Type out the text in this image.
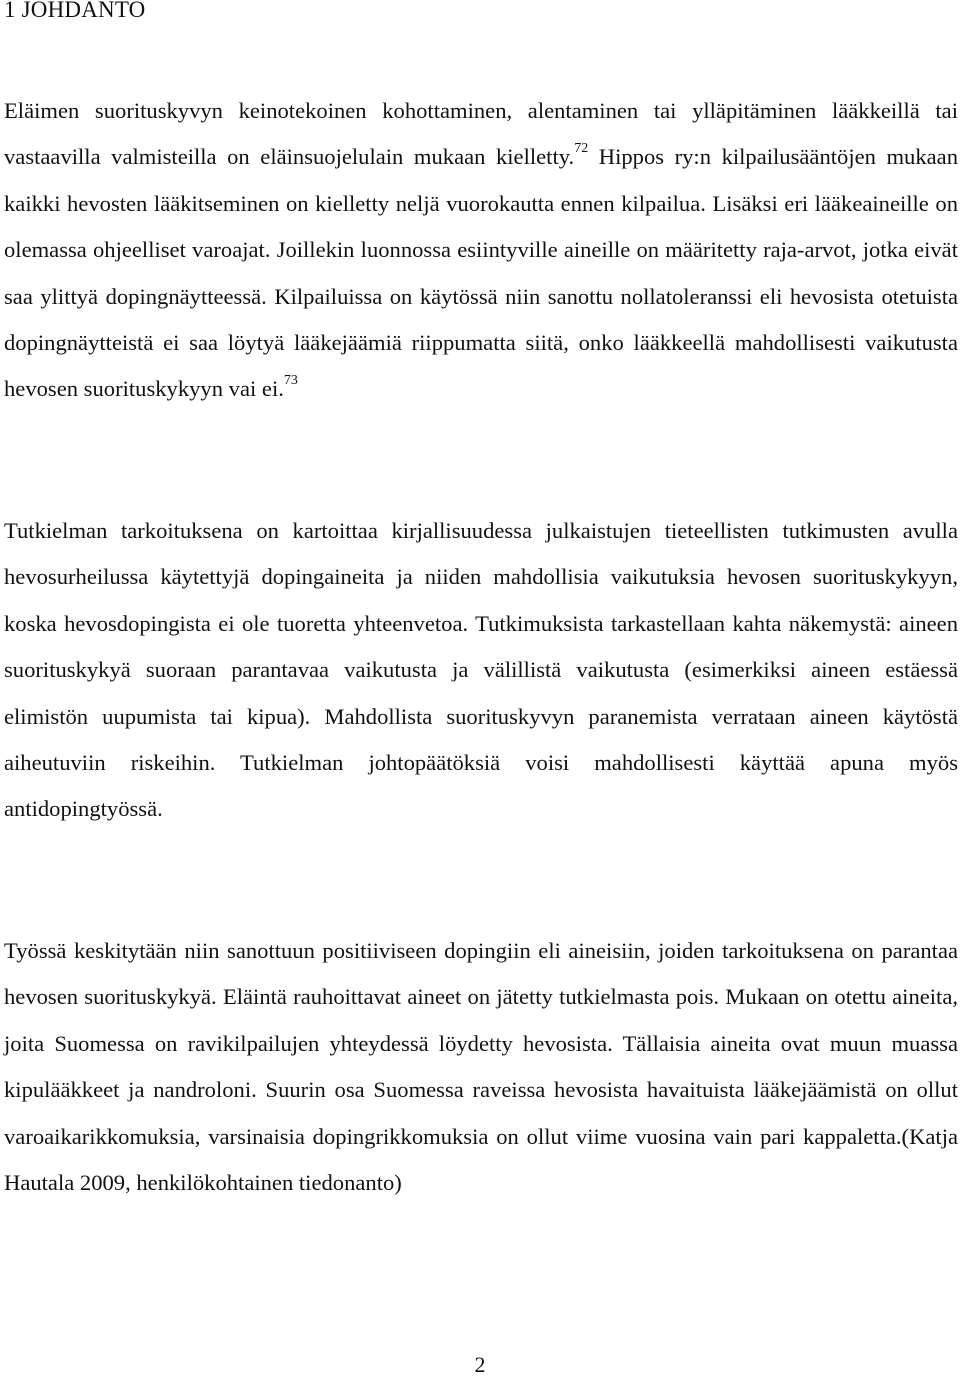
1 JOHDANTO

Eläimen suorituskyvyn keinotekoinen kohottaminen, alentaminen tai ylläpitäminen lääkkeillä tai vastaavilla valmisteilla on eläinsuojelulain mukaan kielletty.$^{72}$ Hippos ry:n kilpailusääntöjen mukaan kaikki hevosten lääkitseminen on kielletty neljä vuorokautta ennen kilpailua. Lisäksi eri lääkeaineille on olemassa ohjeelliset varoajat. Joillekin luonnossa esiintyville aineille on määritetty raja-arvot, jotka eivät saa ylittyä dopingnäytteessä. Kilpailuissa on käytössä niin sanottu nollatoleranssi eli hevosista otetuista dopingnäytteistä ei saa löytyä lääkejäämiä riippumatta siitä, onko lääkkeellä mahdollisesti vaikutusta hevosen suorituskykyyn vai ei.$^{73}$

Tutkielman tarkoituksena on kartoittaa kirjallisuudessa julkaistujen tieteellisten tutkimusten avulla hevosurheilussa käytettyjä dopingaineita ja niiden mahdollisia vaikutuksia hevosen suorituskykyyn, koska hevosdopingista ei ole tuoretta yhteenvetoa. Tutkimuksista tarkastellaan kahta näkemystä: aineen suorituskykyä suoraan parantavaa vaikutusta ja välillistä vaikutusta (esimerkiksi aineen estäessä elimistön uupumista tai kipua). Mahdollista suorituskyvyn paranemista verrataan aineen käytöstä aiheutuviin riskeihin. Tutkielman johtopäätöksiä voisi mahdollisesti käyttää apuna myös antidopingtyössä.

Työssä keskitytään niin sanottuun positiiviseen dopingiin eli aineisiin, joiden tarkoituksena on parantaa hevosen suorituskykyä. Eläintä rauhoittavat aineet on jätetty tutkielmasta pois. Mukaan on otettu aineita, joita Suomessa on ravikilpailujen yhteydessä löydetty hevosista. Tällaisia aineita ovat muun muassa kipulääkkeet ja nandroloni. Suurin osa Suomessa raveissa hevosista havaituista lääkejäämistä on ollut varoaikarikkomuksia, varsinaisia dopingrikkomuksia on ollut viime vuosina vain pari kappaletta.(Katja Hautala 2009, henkilökohtainen tiedonanto)

2
